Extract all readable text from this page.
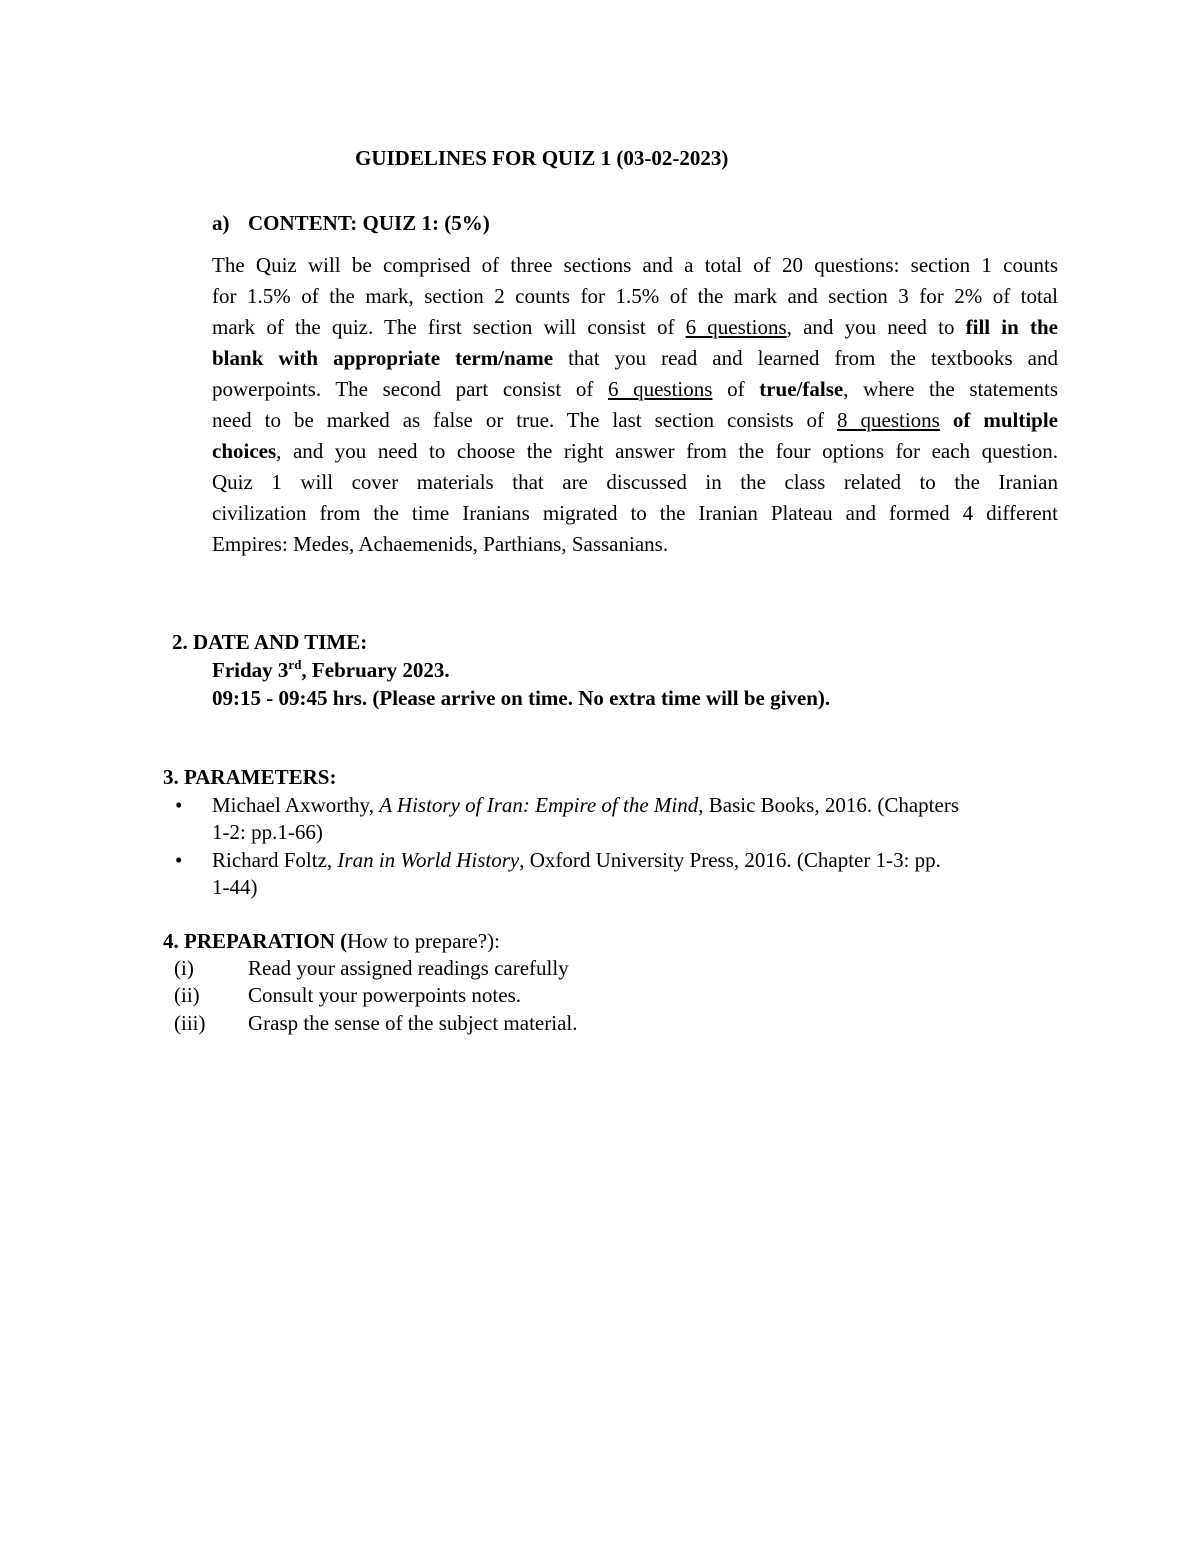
GUIDELINES FOR QUIZ 1 (03-02-2023)
a) CONTENT: QUIZ 1: (5%)
The Quiz will be comprised of three sections and a total of 20 questions: section 1 counts
for 1.5% of the mark, section 2 counts for 1.5% of the mark and section 3 for 2% of total
mark of the quiz. The first section will consist of 6 questions, and you need to fill in the
blank with appropriate term/name that you read and learned from the textbooks and
powerpoints. The second part consist of 6 questions of true/false, where the statements
need to be marked as false or true. The last section consists of 8 questions of multiple
choices, and you need to choose the right answer from the four options for each question.
Quiz 1 will cover materials that are discussed in the class related to the Iranian
civilization from the time Iranians migrated to the Iranian Plateau and formed 4 different
Empires: Medes, Achaemenids, Parthians, Sassanians.
2. DATE AND TIME:
Friday 3rd, February 2023.
09:15 - 09:45 hrs. (Please arrive on time. No extra time will be given).
3. PARAMETERS:
• Michael Axworthy, A History of Iran: Empire of the Mind, Basic Books, 2016. (Chapters
1-2: pp.1-66)
• Richard Foltz, Iran in World History, Oxford University Press, 2016. (Chapter 1-3: pp.
1-44)
4. PREPARATION (How to prepare?):
(i)	Read your assigned readings carefully
(ii) Consult your powerpoints notes.
(iii) Grasp the sense of the subject material.
